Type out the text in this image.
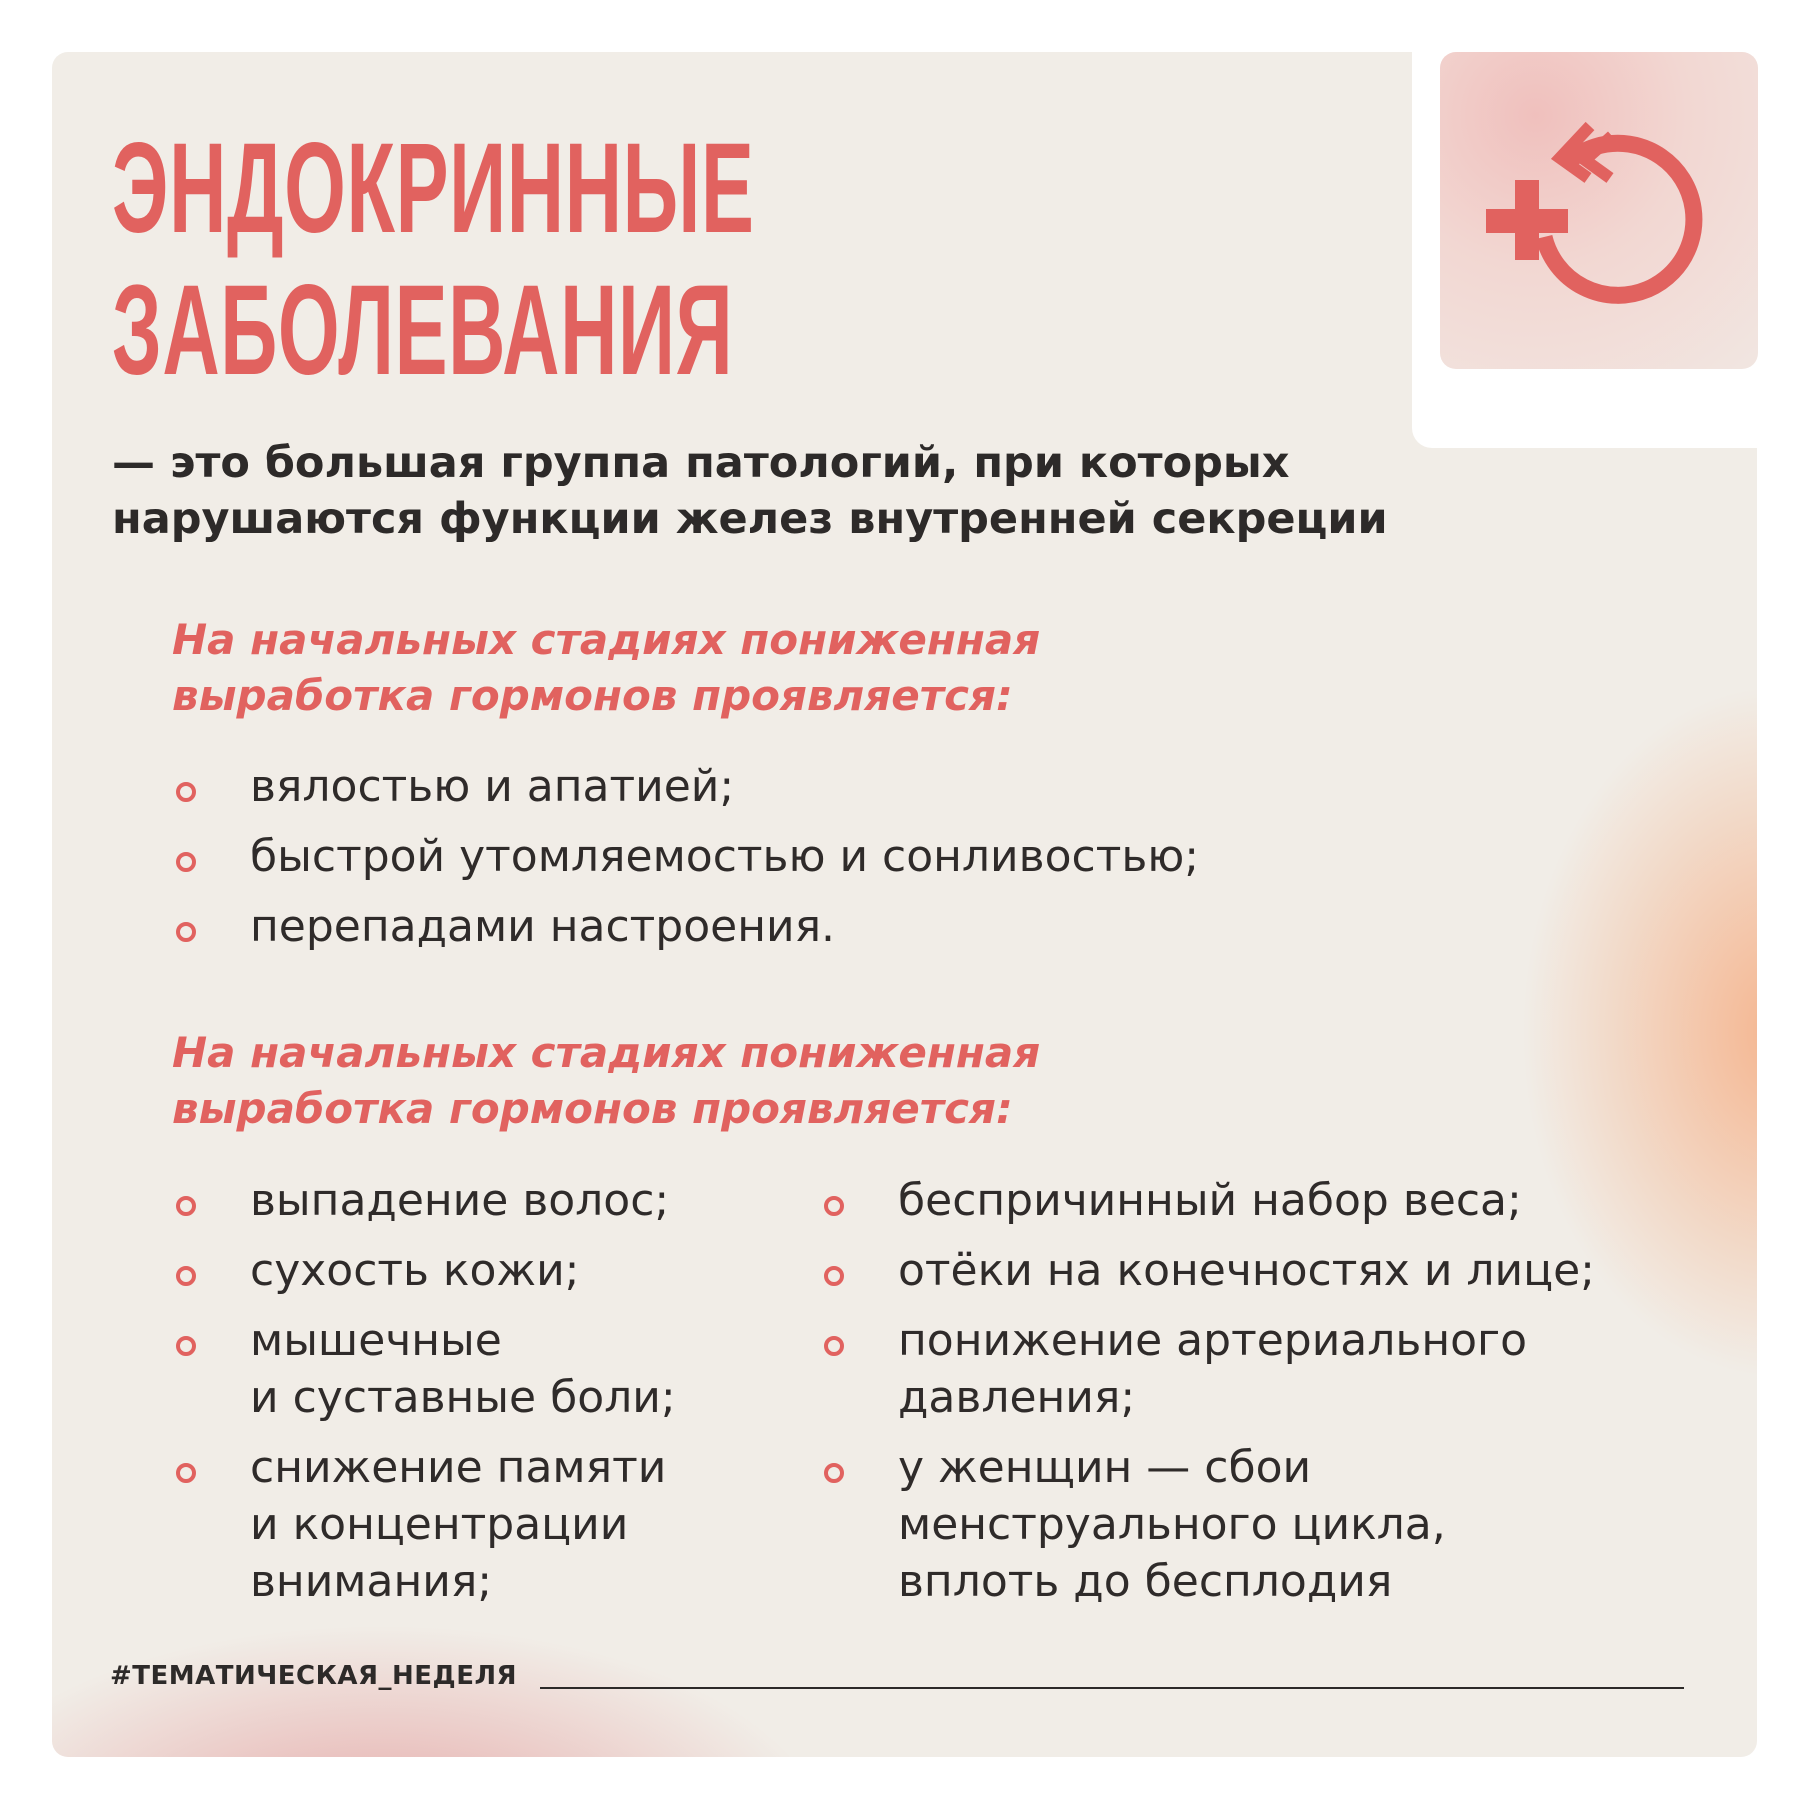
ЭНДОКРИННЫЕ
ЗАБОЛЕВАНИЯ

— это большая группа патологий, при которых
нарушаются функции желез внутренней секреции

На начальных стадиях пониженная
выработка гормонов проявляется:
вялостью и апатией;
быстрой утомляемостью и сонливостью;
перепадами настроения.
На начальных стадиях пониженная
выработка гормонов проявляется:
выпадение волос;
сухость кожи;
мышечные
и суставные боли;
снижение памяти
и концентрации
внимания;
беспричинный набор веса;
отёки на конечностях и лице;
понижение артериального
давления;
у женщин — сбои
менструального цикла,
вплоть до бесплодия

#ТЕМАТИЧЕСКАЯ_НЕДЕЛЯ
